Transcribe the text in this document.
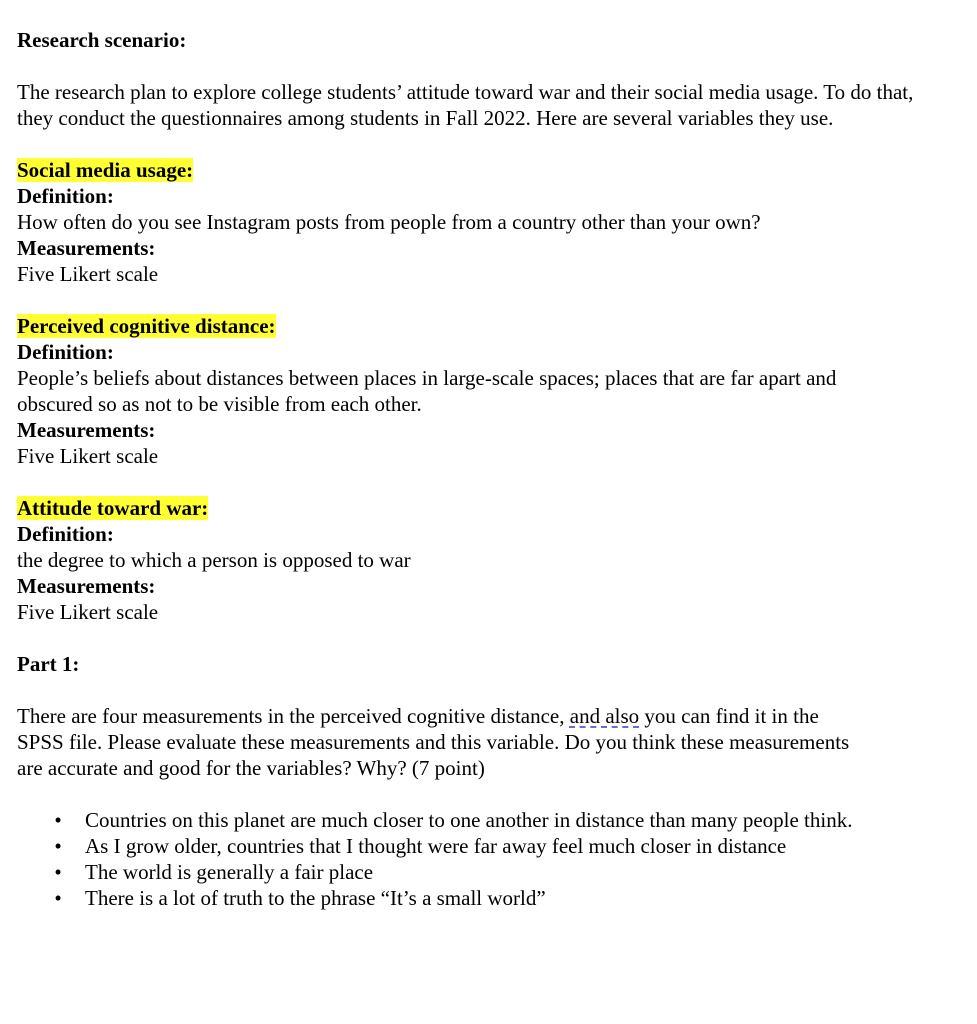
Research scenario:

The research plan to explore college students’ attitude toward war and their social media usage. To do that, they conduct the questionnaires among students in Fall 2022. Here are several variables they use.

Social media usage:

Definition:

How often do you see Instagram posts from people from a country other than your own?

Measurements:

Five Likert scale

Perceived cognitive distance:

Definition:

People’s beliefs about distances between places in large-scale spaces; places that are far apart and obscured so as not to be visible from each other.

Measurements:

Five Likert scale

Attitude toward war:

Definition:

the degree to which a person is opposed to war

Measurements:

Five Likert scale

Part 1:

There are four measurements in the perceived cognitive distance, and also you can find it in the SPSS file. Please evaluate these measurements and this variable. Do you think these measurements are accurate and good for the variables? Why? (7 point)

• Countries on this planet are much closer to one another in distance than many people think.
• As I grow older, countries that I thought were far away feel much closer in distance
• The world is generally a fair place
• There is a lot of truth to the phrase “It’s a small world”
